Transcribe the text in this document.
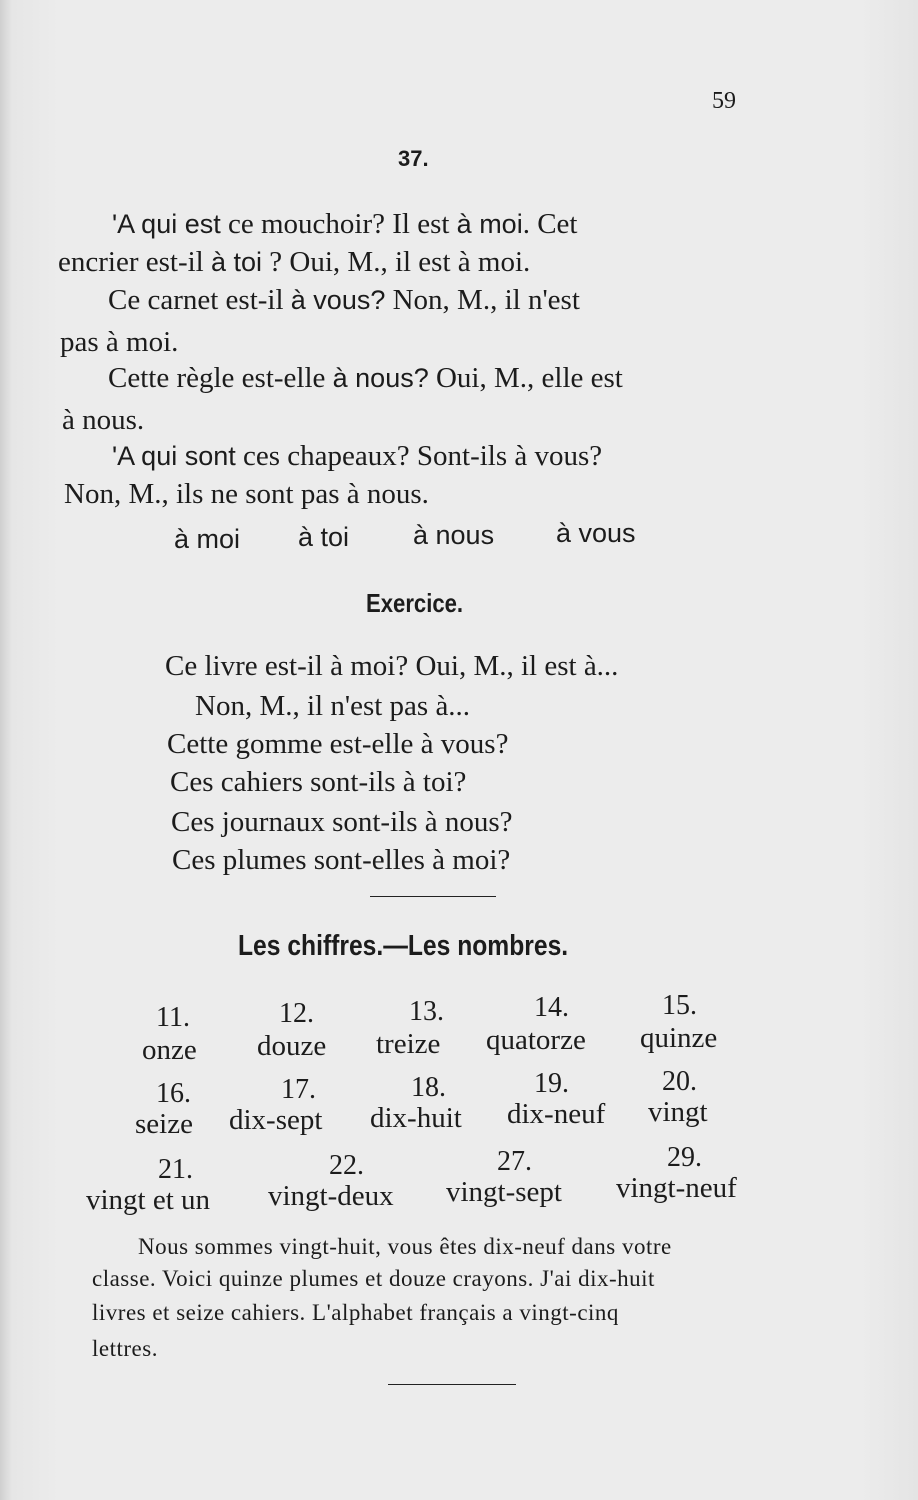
59
37.
'A qui est ce mouchoir? Il est à moi. Cet
encrier est-il à toi ? Oui, M., il est à moi.
Ce carnet est-il à vous? Non, M., il n'est
pas à moi.
Cette règle est-elle à nous? Oui, M., elle est
à nous.
'A qui sont ces chapeaux? Sont-ils à vous?
Non, M., ils ne sont pas à nous.
à moi à toi à nous à vous
Exercice.
Ce livre est-il à moi? Oui, M., il est à...
Non, M., il n'est pas à...
Cette gomme est-elle à vous?
Ces cahiers sont-ils à toi?
Ces journaux sont-ils à nous?
Ces plumes sont-elles à moi?
Les chiffres.—Les nombres.
11.
onze
12.
douze
13.
treize
14.
quatorze
15.
quinze
16.
seize
17.
dix-sept
18.
dix-huit
19.
dix-neuf
20.
vingt
21.
vingt et un
22.
vingt-deux
27.
vingt-sept
29.
vingt-neuf
Nous sommes vingt-huit, vous êtes dix-neuf dans votre
classe. Voici quinze plumes et douze crayons. J'ai dix-huit
livres et seize cahiers. L'alphabet français a vingt-cinq
lettres.
